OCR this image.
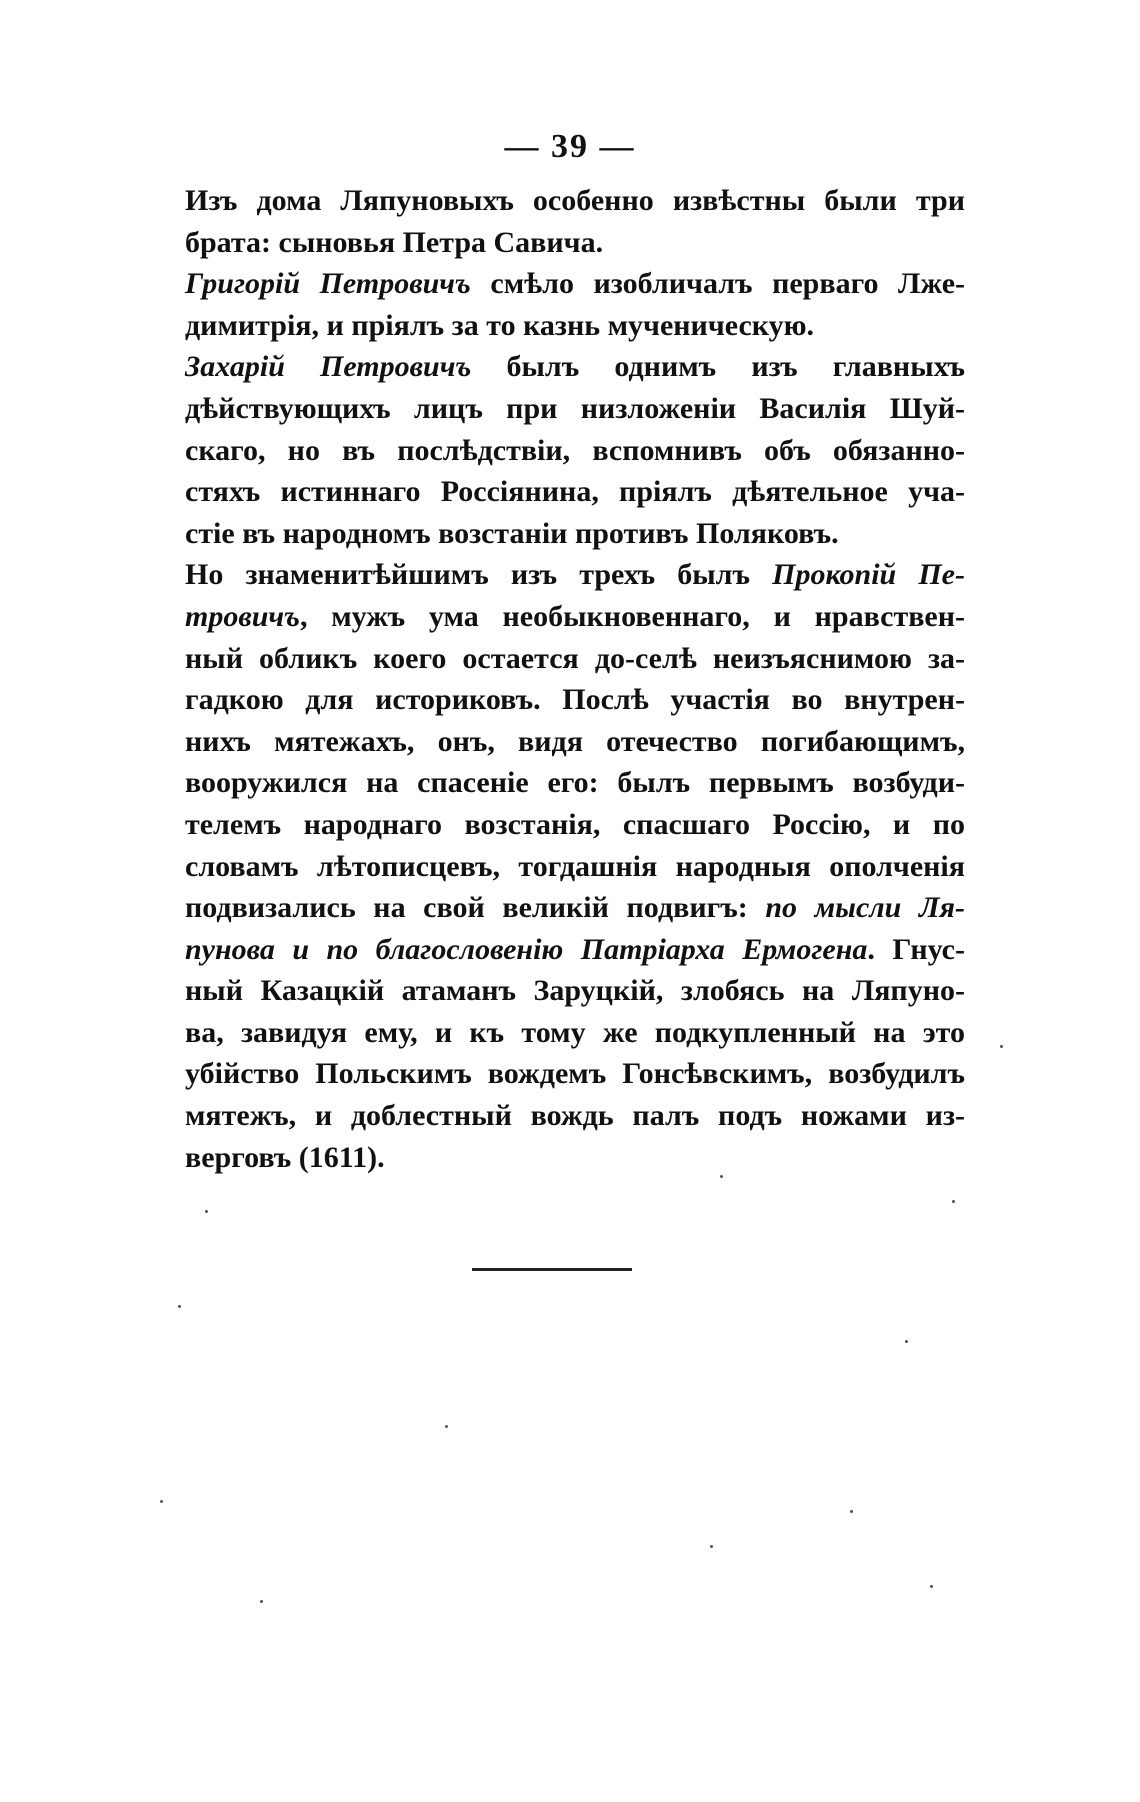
— 39 —
Изъ дома Ляпуновыхъ особенно извѣстны были три
брата: сыновья Петра Савича.
Григорій Петровичъ смѣло изобличалъ перваго Лже-
димитрія, и пріялъ за то казнь мученическую.
Захарій Петровичъ былъ однимъ изъ главныхъ
дѣйствующихъ лицъ при низложеніи Василія Шуй-
скаго, но въ послѣдствіи, вспомнивъ объ обязанно-
стяхъ истиннаго Россіянина, пріялъ дѣятельное уча-
стіе въ народномъ возстаніи противъ Поляковъ.
Но знаменитѣйшимъ изъ трехъ былъ Прокопій Пе-
тровичъ, мужъ ума необыкновеннаго, и нравствен-
ный обликъ коего остается до-селѣ неизъяснимою за-
гадкою для историковъ. Послѣ участія во внутрен-
нихъ мятежахъ, онъ, видя отечество погибающимъ,
вооружился на спасеніе его: былъ первымъ возбуди-
телемъ народнаго возстанія, спасшаго Россію, и по
словамъ лѣтописцевъ, тогдашнія народныя ополченія
подвизались на свой великій подвигъ: по мысли Ля-
пунова и по благословенію Патріарха Ермогена. Гнус-
ный Казацкій атаманъ Заруцкій, злобясь на Ляпуно-
ва, завидуя ему, и къ тому же подкупленный на это
убійство Польскимъ вождемъ Гонсѣвскимъ, возбудилъ
мятежъ, и доблестный вождь палъ подъ ножами из-
верговъ (1611).
